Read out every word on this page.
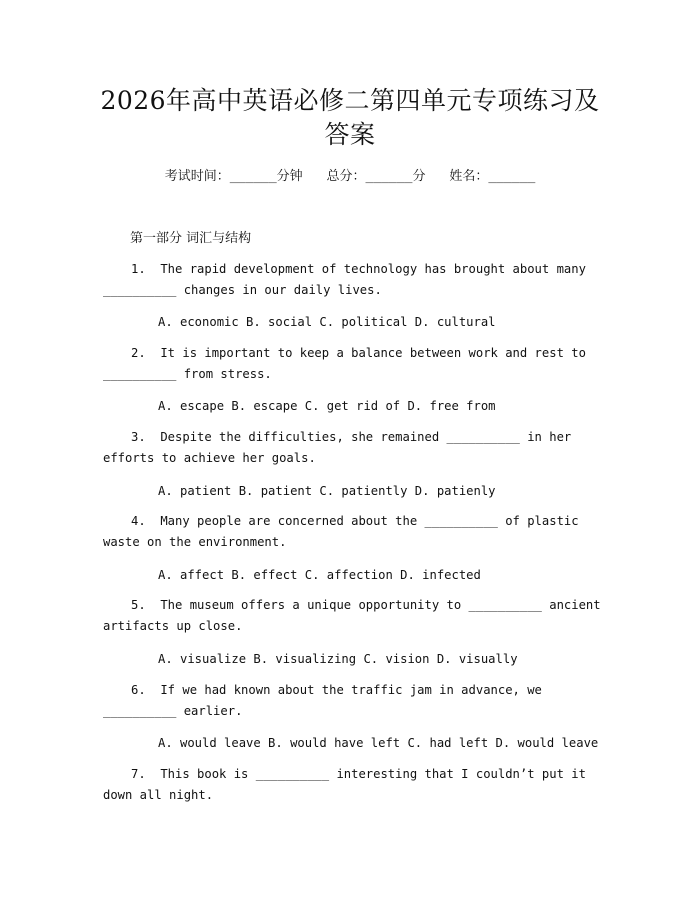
2026年高中英语必修二第四单元专项练习及
答案
考试时间：______分钟 总分：______分 姓名：______
第一部分 词汇与结构
1.  The rapid development of technology has brought about many __________ changes in our daily lives.
A. economic B. social C. political D. cultural
2.  It is important to keep a balance between work and rest to __________ from stress.
A. escape B. escape C. get rid of D. free from
3.  Despite the difficulties, she remained __________ in her efforts to achieve her goals.
A. patient B. patient C. patiently D. patienly
4.  Many people are concerned about the __________ of plastic waste on the environment.
A. affect B. effect C. affection D. infected
5.  The museum offers a unique opportunity to __________ ancient artifacts up close.
A. visualize B. visualizing C. vision D. visually
6.  If we had known about the traffic jam in advance, we __________ earlier.
A. would leave B. would have left C. had left D. would leave
7.  This book is __________ interesting that I couldn’t put it down all night.
